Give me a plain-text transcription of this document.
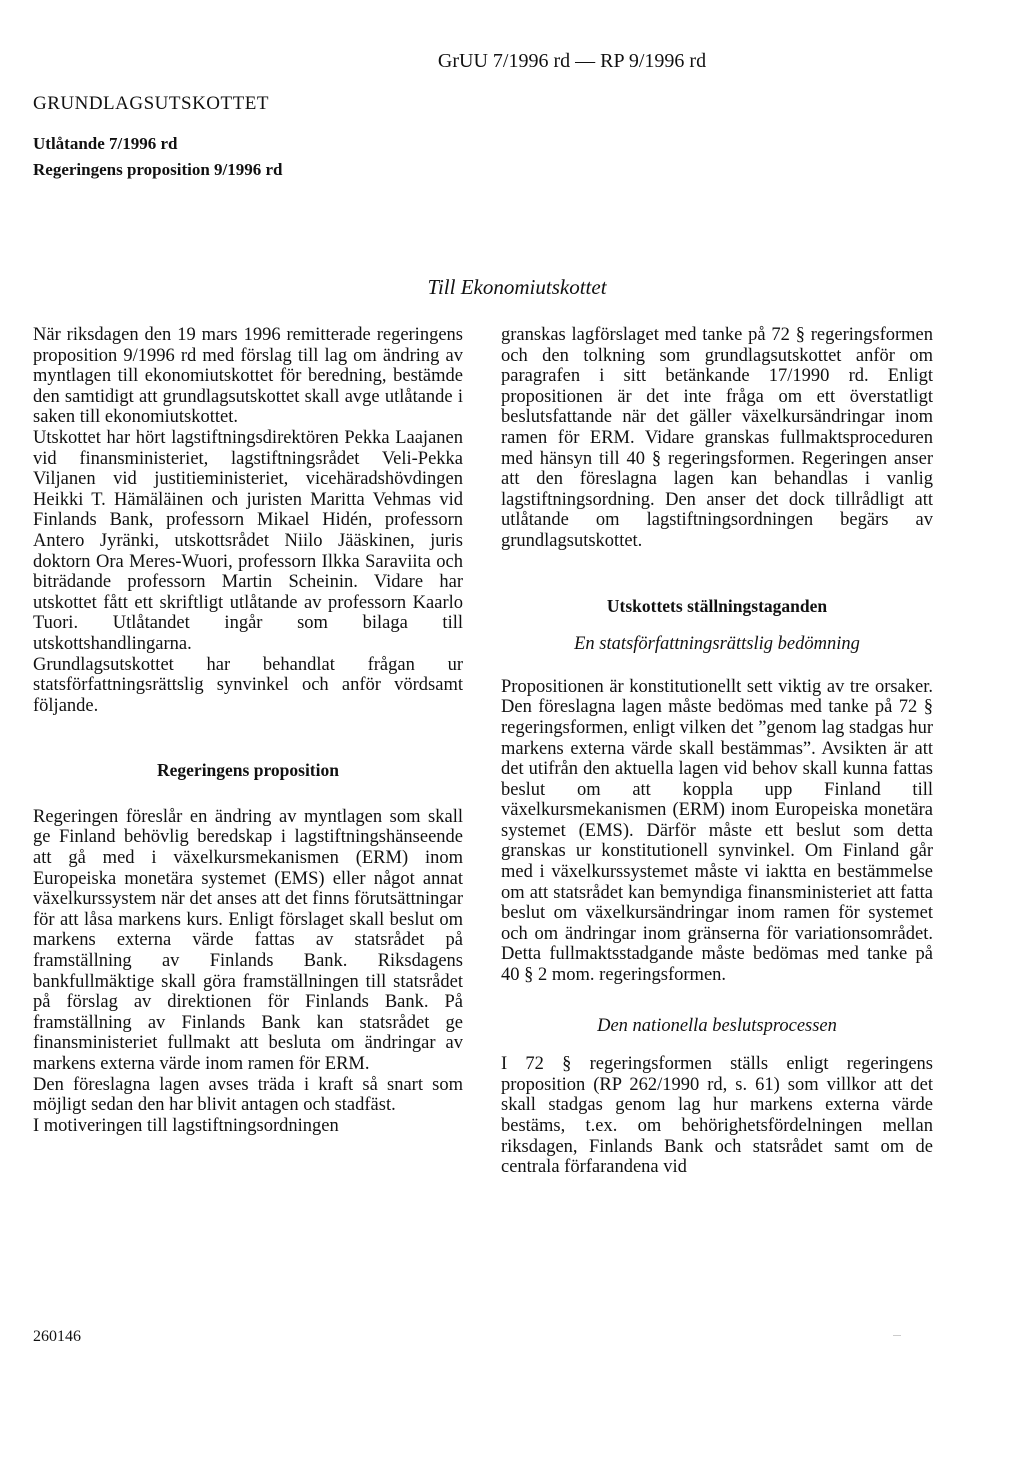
GrUU 7/1996 rd — RP 9/1996 rd
GRUNDLAGSUTSKOTTET
Utlåtande 7/1996 rd
Regeringens proposition 9/1996 rd
Till Ekonomiutskottet

När riksdagen den 19 mars 1996 remitterade regeringens proposition 9/1996 rd med förslag till lag om ändring av myntlagen till ekonomiutskottet för beredning, bestämde den samtidigt att grundlagsutskottet skall avge utlåtande i saken till ekonomiutskottet.

Utskottet har hört lagstiftningsdirektören Pekka Laajanen vid finansministeriet, lagstiftningsrådet Veli-Pekka Viljanen vid justitieministeriet, vicehäradshövdingen Heikki T. Hämäläinen och juristen Maritta Vehmas vid Finlands Bank, professorn Mikael Hidén, professorn Antero Jyränki, utskottsrådet Niilo Jääskinen, juris doktorn Ora Meres-Wuori, professorn Ilkka Saraviita och biträdande professorn Martin Scheinin. Vidare har utskottet fått ett skriftligt utlåtande av professorn Kaarlo Tuori. Utlåtandet ingår som bilaga till utskottshandlingarna.

Grundlagsutskottet har behandlat frågan ur statsförfattningsrättslig synvinkel och anför vördsamt följande.

Regeringens proposition

Regeringen föreslår en ändring av myntlagen som skall ge Finland behövlig beredskap i lagstiftningshänseende att gå med i växelkursmekanismen (ERM) inom Europeiska monetära systemet (EMS) eller något annat växelkurssystem när det anses att det finns förutsättningar för att låsa markens kurs. Enligt förslaget skall beslut om markens externa värde fattas av statsrådet på framställning av Finlands Bank. Riksdagens bankfullmäktige skall göra framställningen till statsrådet på förslag av direktionen för Finlands Bank. På framställning av Finlands Bank kan statsrådet ge finansministeriet fullmakt att besluta om ändringar av markens externa värde inom ramen för ERM.

Den föreslagna lagen avses träda i kraft så snart som möjligt sedan den har blivit antagen och stadfäst.

I motiveringen till lagstiftningsordningen

granskas lagförslaget med tanke på 72 § regeringsformen och den tolkning som grundlagsutskottet anför om paragrafen i sitt betänkande 17/1990 rd. Enligt propositionen är det inte fråga om ett överstatligt beslutsfattande när det gäller växelkursändringar inom ramen för ERM. Vidare granskas fullmaktsproceduren med hänsyn till 40 § regeringsformen. Regeringen anser att den föreslagna lagen kan behandlas i vanlig lagstiftningsordning. Den anser det dock tillrådligt att utlåtande om lagstiftningsordningen begärs av grundlagsutskottet.

Utskottets ställningstaganden

En statsförfattningsrättslig bedömning

Propositionen är konstitutionellt sett viktig av tre orsaker. Den föreslagna lagen måste bedömas med tanke på 72 § regeringsformen, enligt vilken det ”genom lag stadgas hur markens externa värde skall bestämmas”. Avsikten är att det utifrån den aktuella lagen vid behov skall kunna fattas beslut om att koppla upp Finland till växelkursmekanismen (ERM) inom Europeiska monetära systemet (EMS). Därför måste ett beslut som detta granskas ur konstitutionell synvinkel. Om Finland går med i växelkurssystemet måste vi iaktta en bestämmelse om att statsrådet kan bemyndiga finansministeriet att fatta beslut om växelkursändringar inom ramen för systemet och om ändringar inom gränserna för variationsområdet. Detta fullmaktsstadgande måste bedömas med tanke på 40 § 2 mom. regeringsformen.

Den nationella beslutsprocessen

I 72 § regeringsformen ställs enligt regeringens proposition (RP 262/1990 rd, s. 61) som villkor att det skall stadgas genom lag hur markens externa värde bestäms, t.ex. om behörighetsfördelningen mellan riksdagen, Finlands Bank och statsrådet samt om de centrala förfarandena vid

260146
